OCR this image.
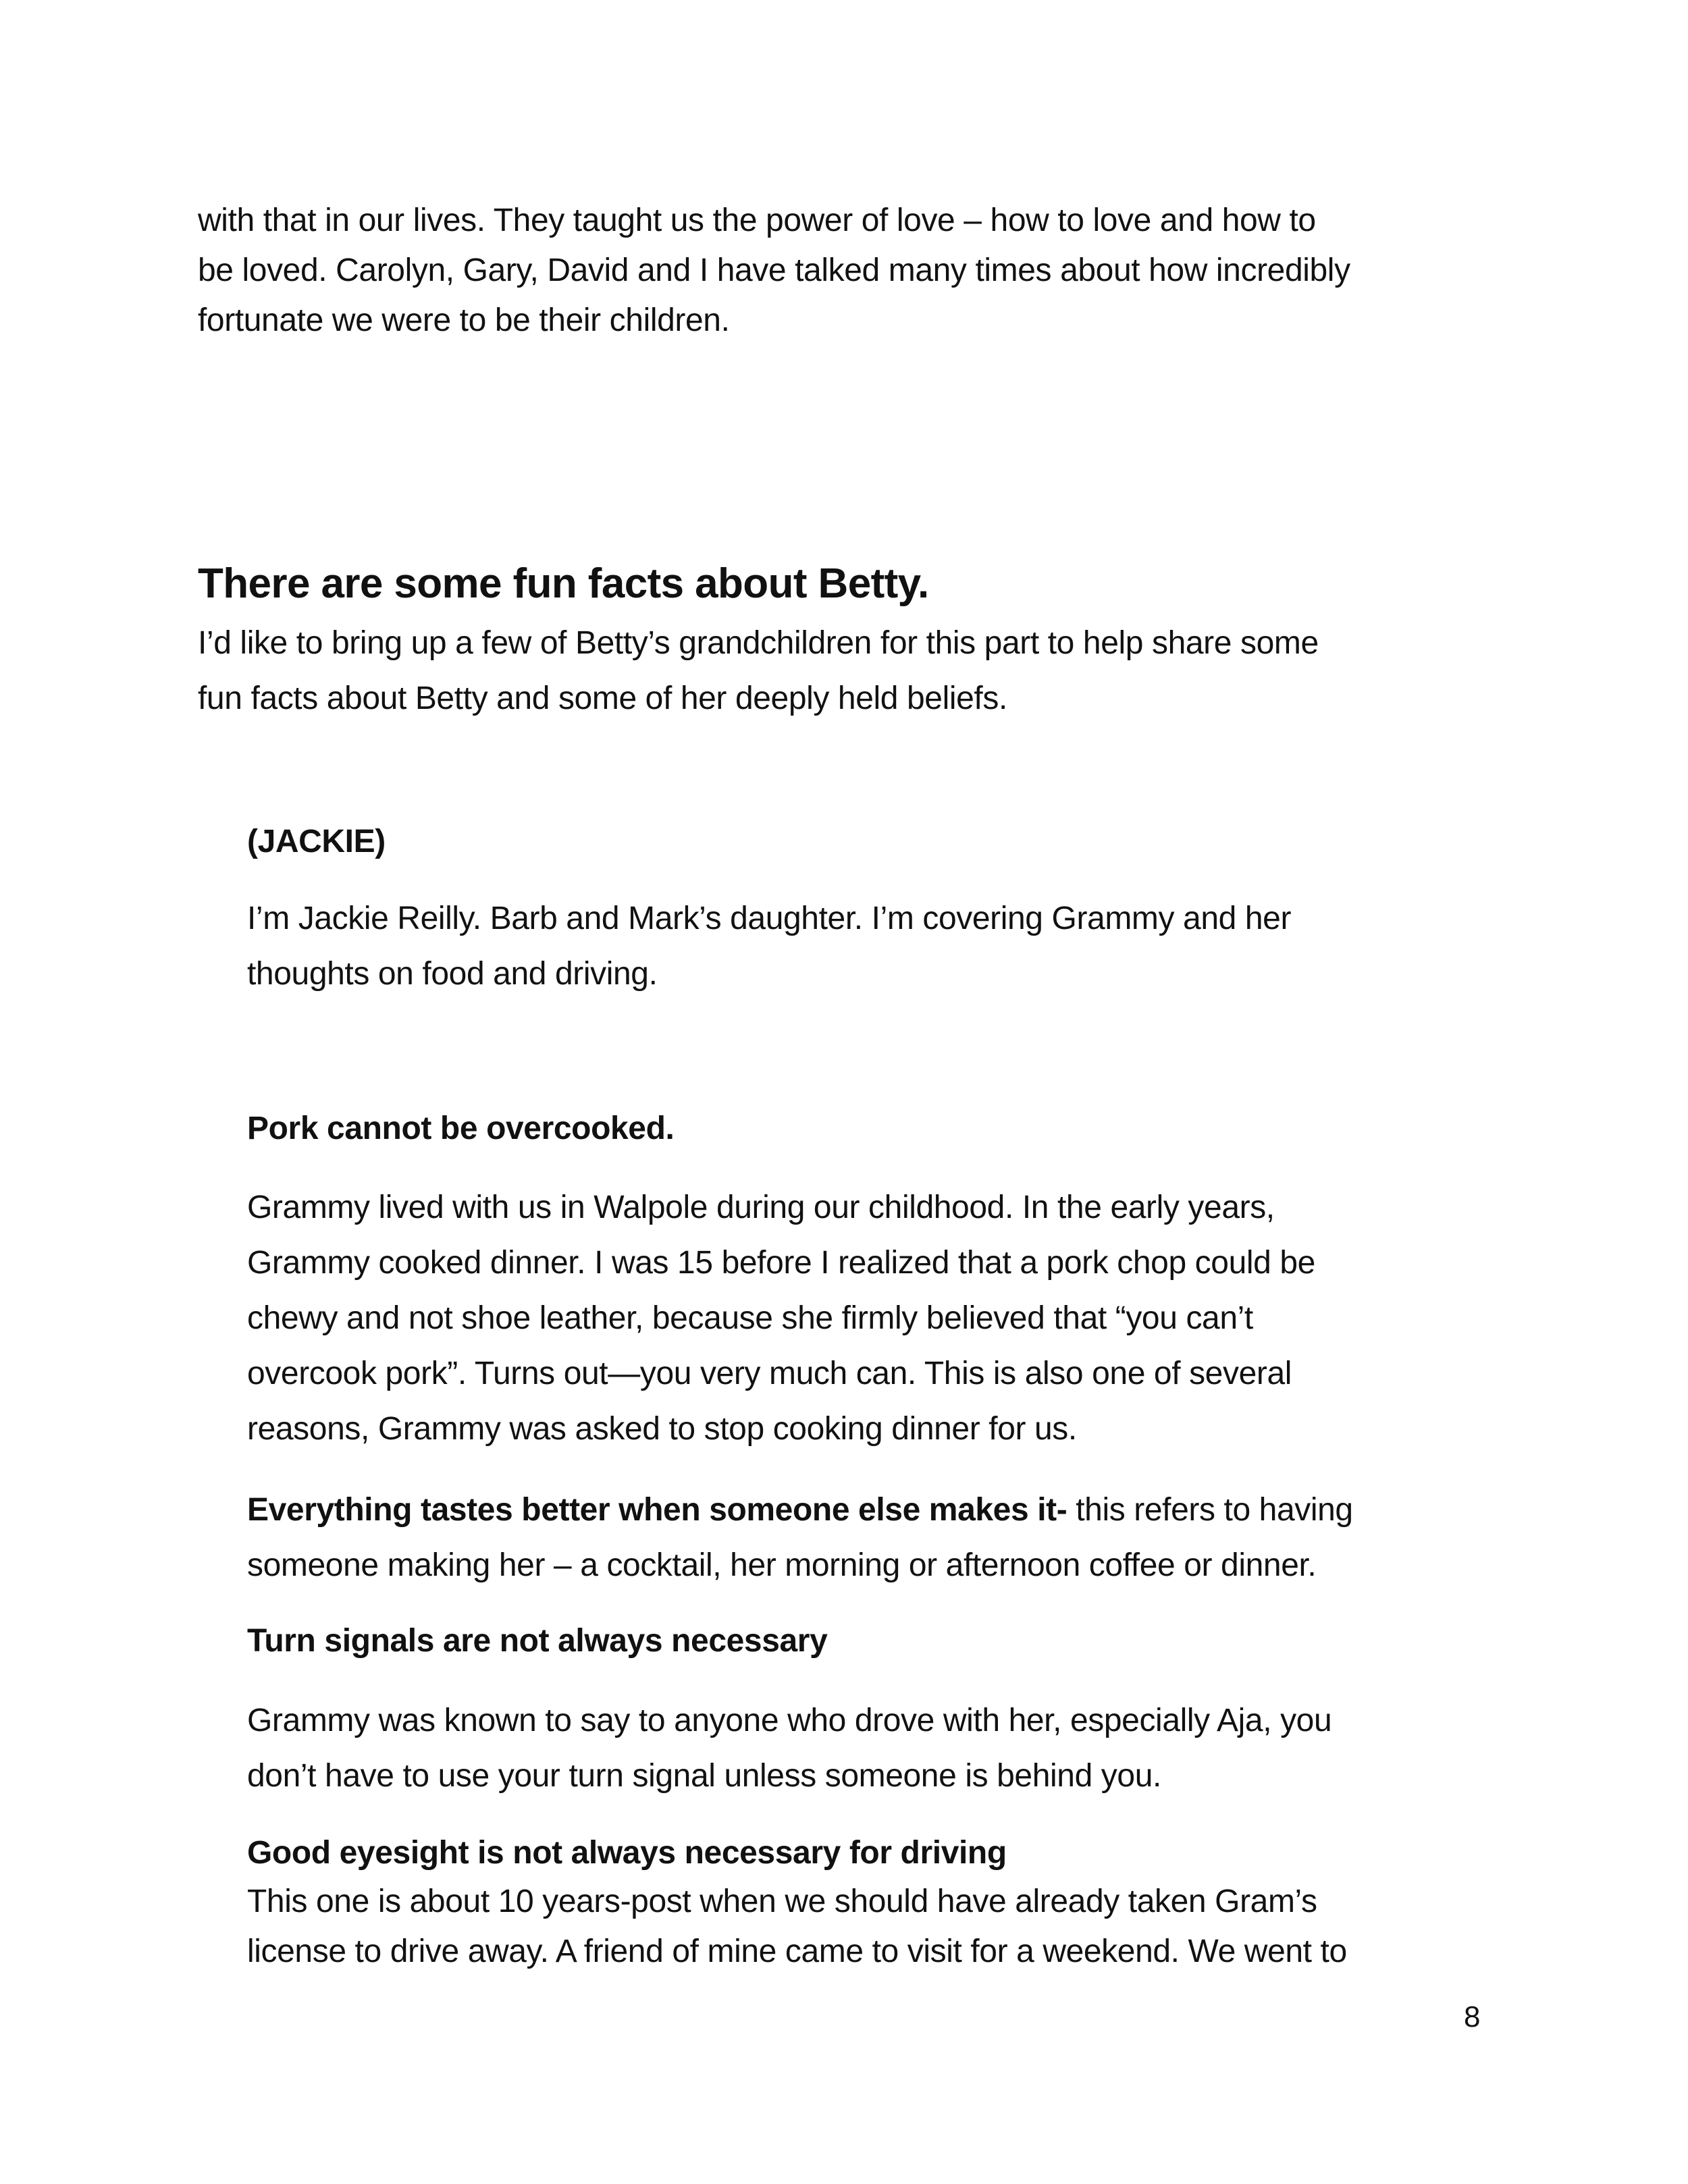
with that in our lives. They taught us the power of love – how to love and how to
be loved. Carolyn, Gary, David and I have talked many times about how incredibly
fortunate we were to be their children.

There are some fun facts about Betty.

I’d like to bring up a few of Betty’s grandchildren for this part to help share some
fun facts about Betty and some of her deeply held beliefs.

(JACKIE)

I’m Jackie Reilly. Barb and Mark’s daughter. I’m covering Grammy and her
thoughts on food and driving.

Pork cannot be overcooked.

Grammy lived with us in Walpole during our childhood. In the early years,
Grammy cooked dinner. I was 15 before I realized that a pork chop could be
chewy and not shoe leather, because she firmly believed that “you can’t
overcook pork”. Turns out—you very much can. This is also one of several
reasons, Grammy was asked to stop cooking dinner for us.

Everything tastes better when someone else makes it- this refers to having
someone making her – a cocktail, her morning or afternoon coffee or dinner.

Turn signals are not always necessary

Grammy was known to say to anyone who drove with her, especially Aja, you
don’t have to use your turn signal unless someone is behind you.

Good eyesight is not always necessary for driving

This one is about 10 years-post when we should have already taken Gram’s
license to drive away. A friend of mine came to visit for a weekend. We went to

8
